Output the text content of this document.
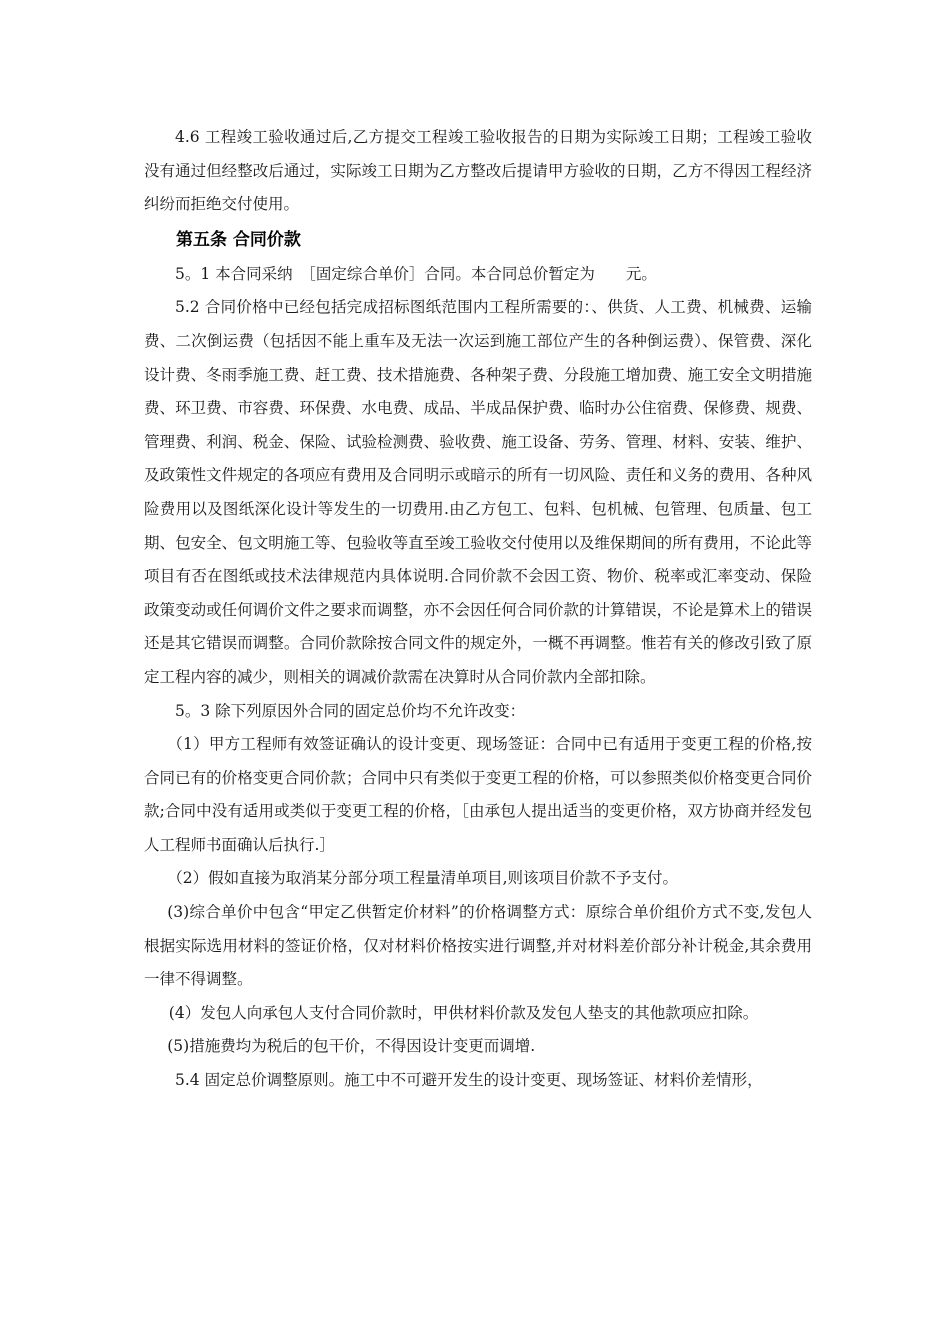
4.6 工程竣工验收通过后,乙方提交工程竣工验收报告的日期为实际竣工日期；工程竣工验收没有通过但经整改后通过，实际竣工日期为乙方整改后提请甲方验收的日期，乙方不得因工程经济纠纷而拒绝交付使用。

第五条 合同价款

5。1 本合同采纳　［固定综合单价］合同。本合同总价暂定为　　元。

5.2 合同价格中已经包括完成招标图纸范围内工程所需要的：、供货、人工费、机械费、运输费、二次倒运费（包括因不能上重车及无法一次运到施工部位产生的各种倒运费）、保管费、深化设计费、冬雨季施工费、赶工费、技术措施费、各种架子费、分段施工增加费、施工安全文明措施费、环卫费、市容费、环保费、水电费、成品、半成品保护费、临时办公住宿费、保修费、规费、管理费、利润、税金、保险、试验检测费、验收费、施工设备、劳务、管理、材料、安装、维护、及政策性文件规定的各项应有费用及合同明示或暗示的所有一切风险、责任和义务的费用、各种风险费用以及图纸深化设计等发生的一切费用.由乙方包工、包料、包机械、包管理、包质量、包工期、包安全、包文明施工等、包验收等直至竣工验收交付使用以及维保期间的所有费用，不论此等项目有否在图纸或技术法律规范内具体说明.合同价款不会因工资、物价、税率或汇率变动、保险政策变动或任何调价文件之要求而调整，亦不会因任何合同价款的计算错误，不论是算术上的错误还是其它错误而调整。合同价款除按合同文件的规定外，一概不再调整。惟若有关的修改引致了原定工程内容的减少，则相关的调减价款需在决算时从合同价款内全部扣除。

5。3 除下列原因外合同的固定总价均不允许改变：

（1）甲方工程师有效签证确认的设计变更、现场签证：合同中已有适用于变更工程的价格,按合同已有的价格变更合同价款；合同中只有类似于变更工程的价格，可以参照类似价格变更合同价款;合同中没有适用或类似于变更工程的价格，［由承包人提出适当的变更价格，双方协商并经发包人工程师书面确认后执行.］

（2）假如直接为取消某分部分项工程量清单项目,则该项目价款不予支付。

(3)综合单价中包含“甲定乙供暂定价材料”的价格调整方式：原综合单价组价方式不变,发包人根据实际选用材料的签证价格，仅对材料价格按实进行调整,并对材料差价部分补计税金,其余费用一律不得调整。

(4）发包人向承包人支付合同价款时，甲供材料价款及发包人垫支的其他款项应扣除。

(5)措施费均为税后的包干价，不得因设计变更而调增.

5.4 固定总价调整原则。施工中不可避开发生的设计变更、现场签证、材料价差情形，
